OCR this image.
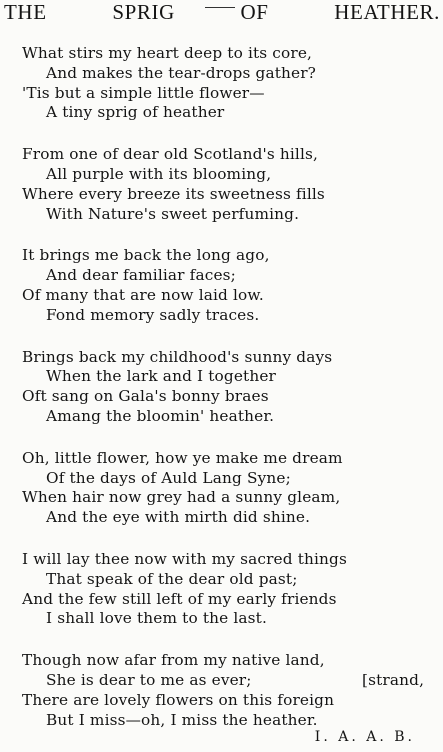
THE	SPRIG	OF	HEATHER.
What stirs my heart deep to its core,
And makes the tear-drops gather?
'Tis but a simple little flower—
A tiny sprig of heather
From one of dear old Scotland's hills,
All purple with its blooming,
Where every breeze its sweetness fills
With Nature's sweet perfuming.
It brings me back the long ago,
And dear familiar faces;
Of many that are now laid low.
Fond memory sadly traces.
Brings back my childhood's sunny days
When the lark and I together
Oft sang on Gala's bonny braes
Amang the bloomin' heather.
Oh, little flower, how ye make me dream
Of the days of Auld Lang Syne;
When hair now grey had a sunny gleam,
And the eye with mirth did shine.
I will lay thee now with my sacred things
That speak of the dear old past;
And the few still left of my early friends
I shall love them to the last.
Though now afar from my native land,
She is dear to me as ever;	[strand,
There are lovely flowers on this foreign
But I miss—oh, I miss the heather.
I. A. A. B.
